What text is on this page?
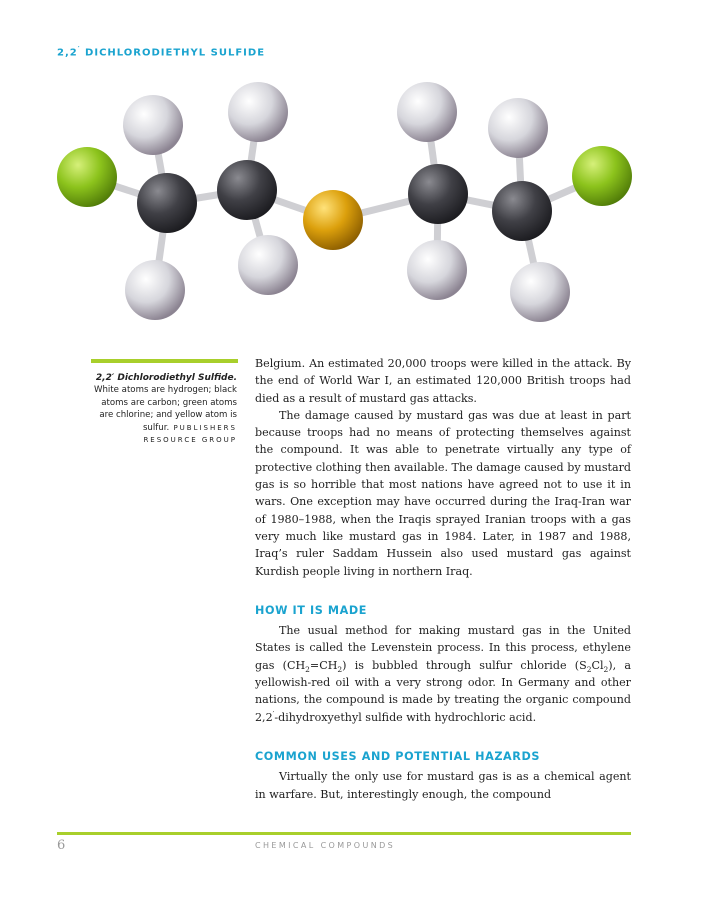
2,2′ DICHLORODIETHYL SULFIDE
2,2′ Dichlorodiethyl Sulfide. White atoms are hydrogen; black atoms are carbon; green atoms are chlorine; and yellow atom is sulfur. PUBLISHERS RESOURCE GROUP

Belgium. An estimated 20,000 troops were killed in the attack. By the end of World War I, an estimated 120,000 British troops had died as a result of mustard gas attacks.

The damage caused by mustard gas was due at least in part because troops had no means of protecting themselves against the compound. It was able to penetrate virtually any type of protective clothing then available. The damage caused by mustard gas is so horrible that most nations have agreed not to use it in wars. One exception may have occurred during the Iraq-Iran war of 1980–1988, when the Iraqis sprayed Iranian troops with a gas very much like mustard gas in 1984. Later, in 1987 and 1988, Iraq’s ruler Saddam Hussein also used mustard gas against Kurdish people living in northern Iraq.

HOW IT IS MADE

The usual method for making mustard gas in the United States is called the Levenstein process. In this process, ethylene gas $(CH_2=CH_2)$ is bubbled through sulfur chloride $(S_2Cl_2)$, a yellowish-red oil with a very strong odor. In Germany and other nations, the compound is made by treating the organic compound 2,2′-dihydroxyethyl sulfide with hydrochloric acid.

COMMON USES AND POTENTIAL HAZARDS

Virtually the only use for mustard gas is as a chemical agent in warfare. But, interestingly enough, the compound

6	CHEMICAL COMPOUNDS
